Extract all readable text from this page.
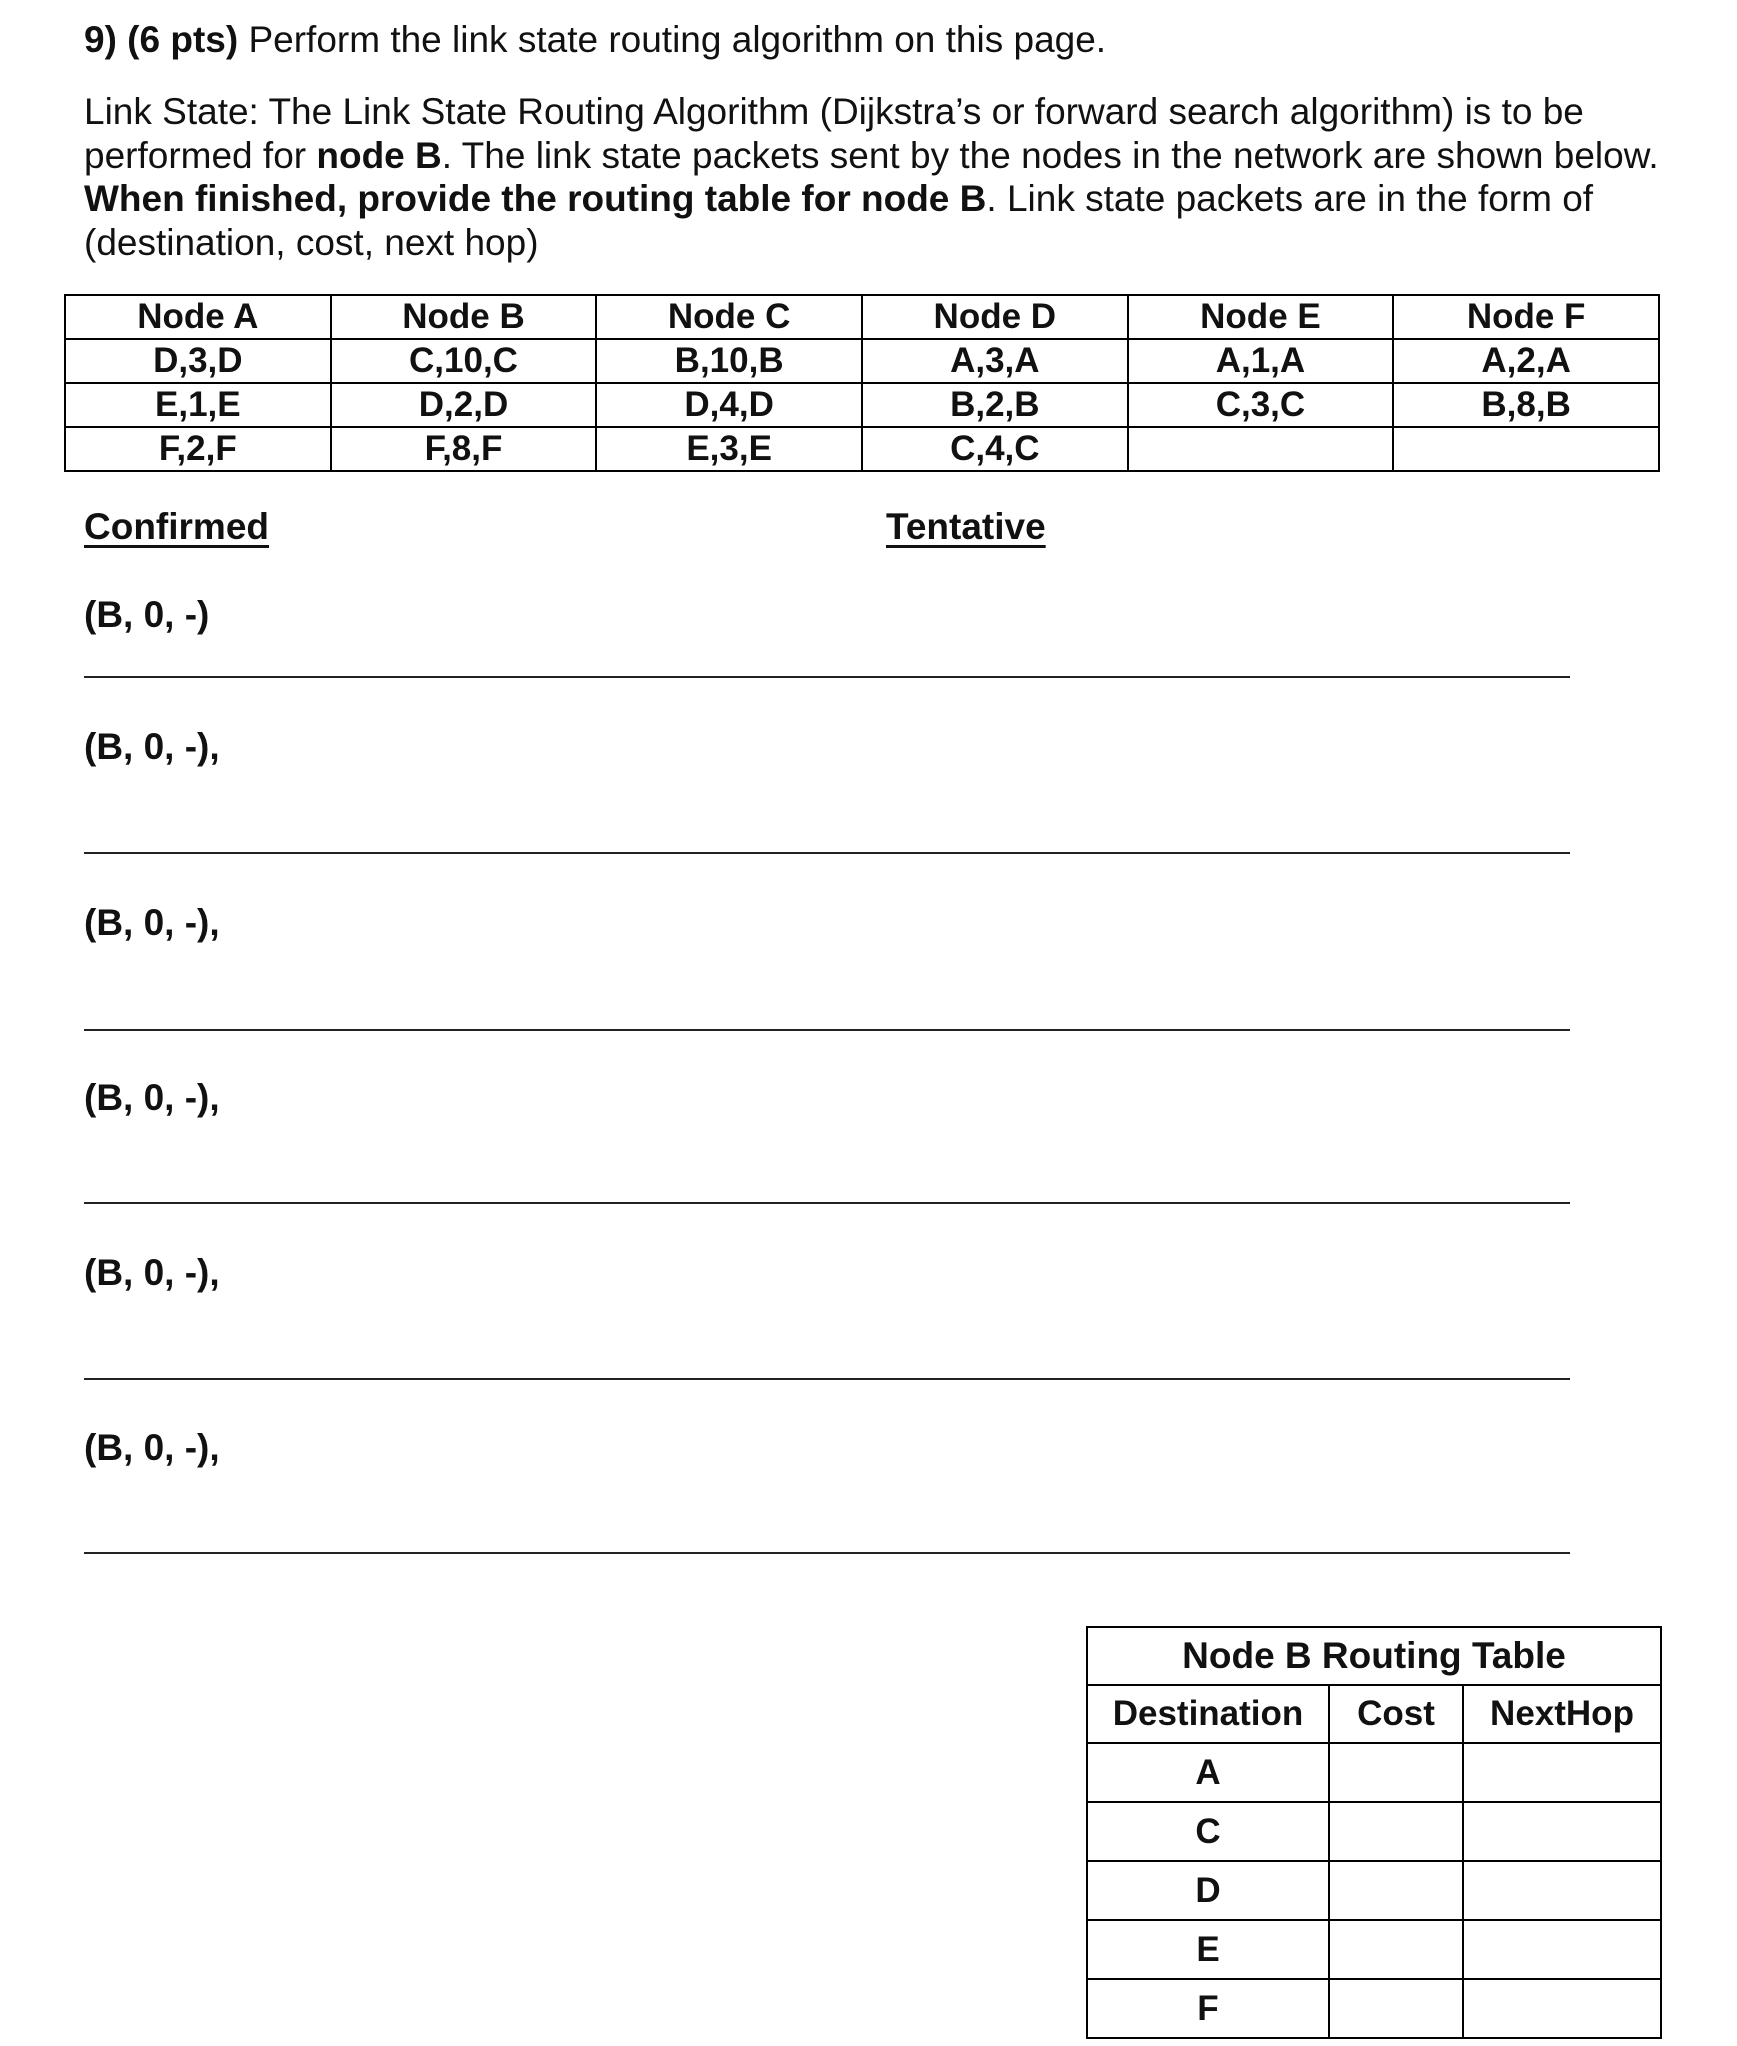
9) (6 pts) Perform the link state routing algorithm on this page.
Link State: The Link State Routing Algorithm (Dijkstra’s or forward search algorithm) is to be performed for node B. The link state packets sent by the nodes in the network are shown below. When finished, provide the routing table for node B. Link state packets are in the form of (destination, cost, next hop)
Node A	Node B	Node C	Node D	Node E	Node F
D,3,D	C,10,C	B,10,B	A,3,A	A,1,A	A,2,A
E,1,E	D,2,D	D,4,D	B,2,B	C,3,C	B,8,B
F,2,F	F,8,F	E,3,E	C,4,C		
Confirmed	Tentative
(B, 0, -)
(B, 0, -),
(B, 0, -),
(B, 0, -),
(B, 0, -),
(B, 0, -),
Node B Routing Table		
Destination	Cost	NextHop
A		
C		
D		
E		
F		
